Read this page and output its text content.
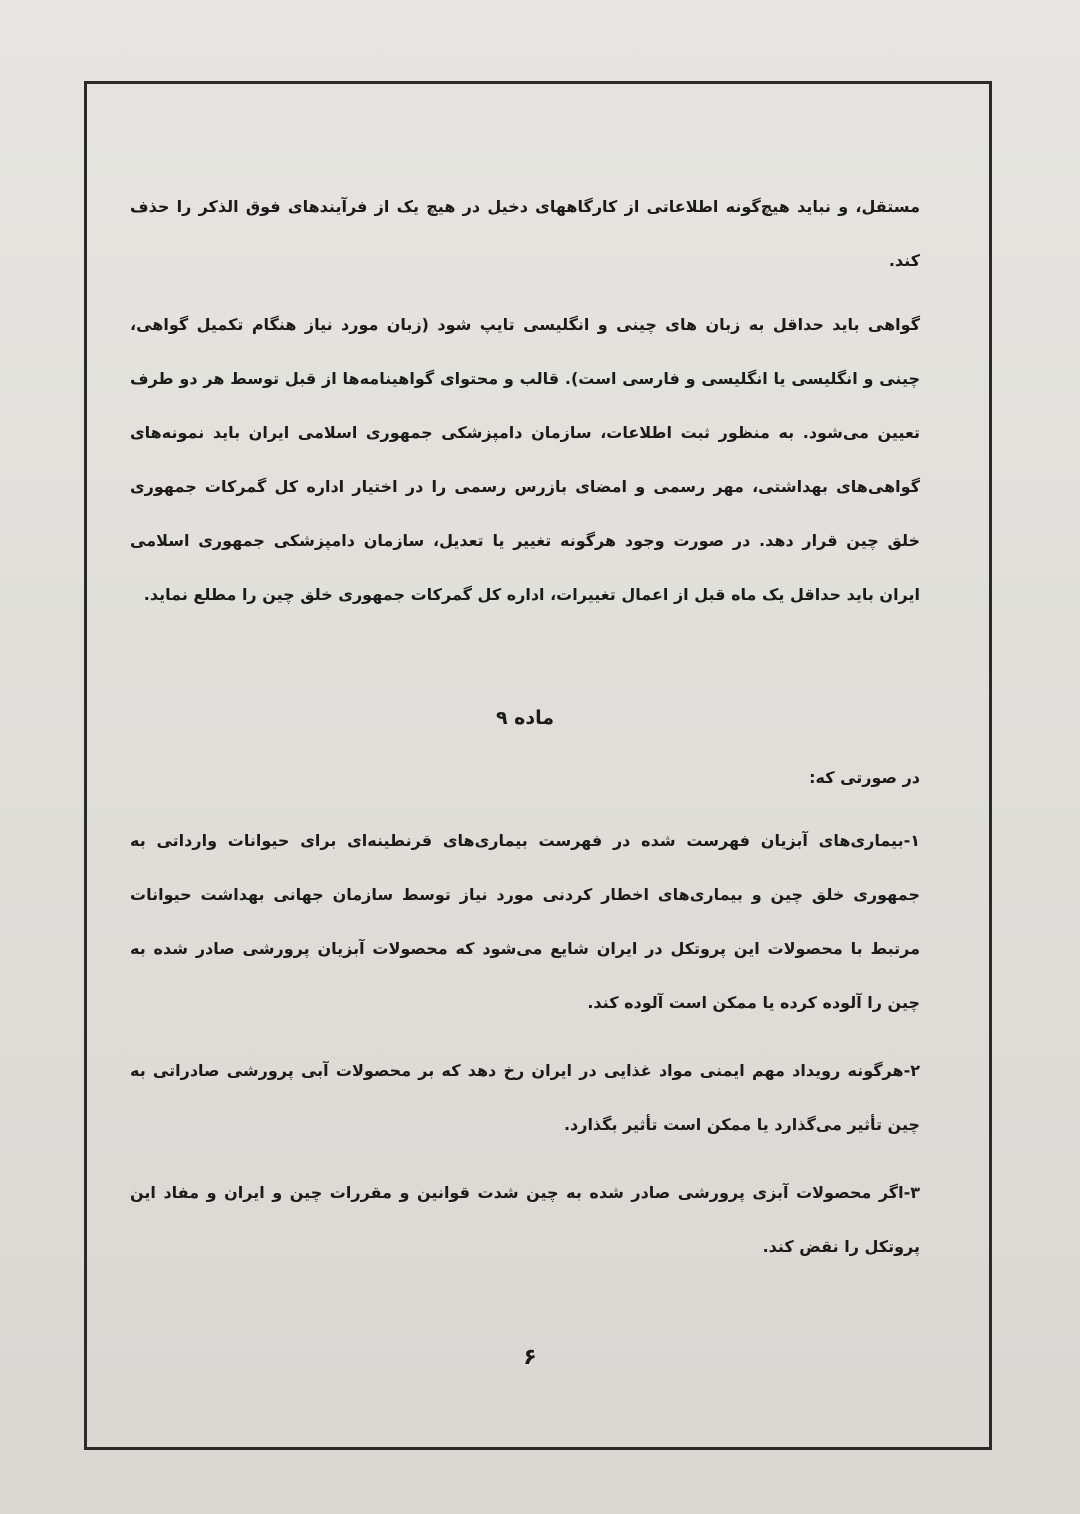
مستقل، و نباید هیچ‌گونه اطلاعاتی از کارگاههای دخیل در هیچ یک از فرآیندهای فوق الذکر را حذف کند.

گواهی باید حداقل به زبان های چینی و انگلیسی تایپ شود (زبان مورد نیاز هنگام تکمیل گواهی، چینی و انگلیسی یا انگلیسی و فارسی است). قالب و محتوای گواهینامه‌ها از قبل توسط هر دو طرف تعیین می‌شود. به منظور ثبت اطلاعات، سازمان دامپزشکی جمهوری اسلامی ایران باید نمونه‌های گواهی‌های بهداشتی، مهر رسمی و امضای بازرس رسمی را در اختیار اداره کل گمرکات جمهوری خلق چین قرار دهد. در صورت وجود هرگونه تغییر یا تعدیل، سازمان دامپزشکی جمهوری اسلامی ایران باید حداقل یک ماه قبل از اعمال تغییرات، اداره کل گمرکات جمهوری خلق چین را مطلع نماید.

ماده ۹
در صورتی که:

۱-بیماری‌های آبزیان فهرست شده در فهرست بیماری‌های قرنطینه‌ای برای حیوانات وارداتی به جمهوری خلق چین و بیماری‌های اخطار کردنی مورد نیاز توسط سازمان جهانی بهداشت حیوانات مرتبط با محصولات این پروتکل در ایران شایع می‌شود که محصولات آبزیان پرورشی صادر شده به چین را آلوده کرده یا ممکن است آلوده کند.

۲-هرگونه رویداد مهم ایمنی مواد غذایی در ایران رخ دهد که بر محصولات آبی پرورشی صادراتی به چین تأثیر می‌گذارد یا ممکن است تأثیر بگذارد.

۳-اگر محصولات آبزی پرورشی صادر شده به چین شدت قوانین و مقررات چین و ایران و مفاد این پروتکل را نقض کند.

۶
